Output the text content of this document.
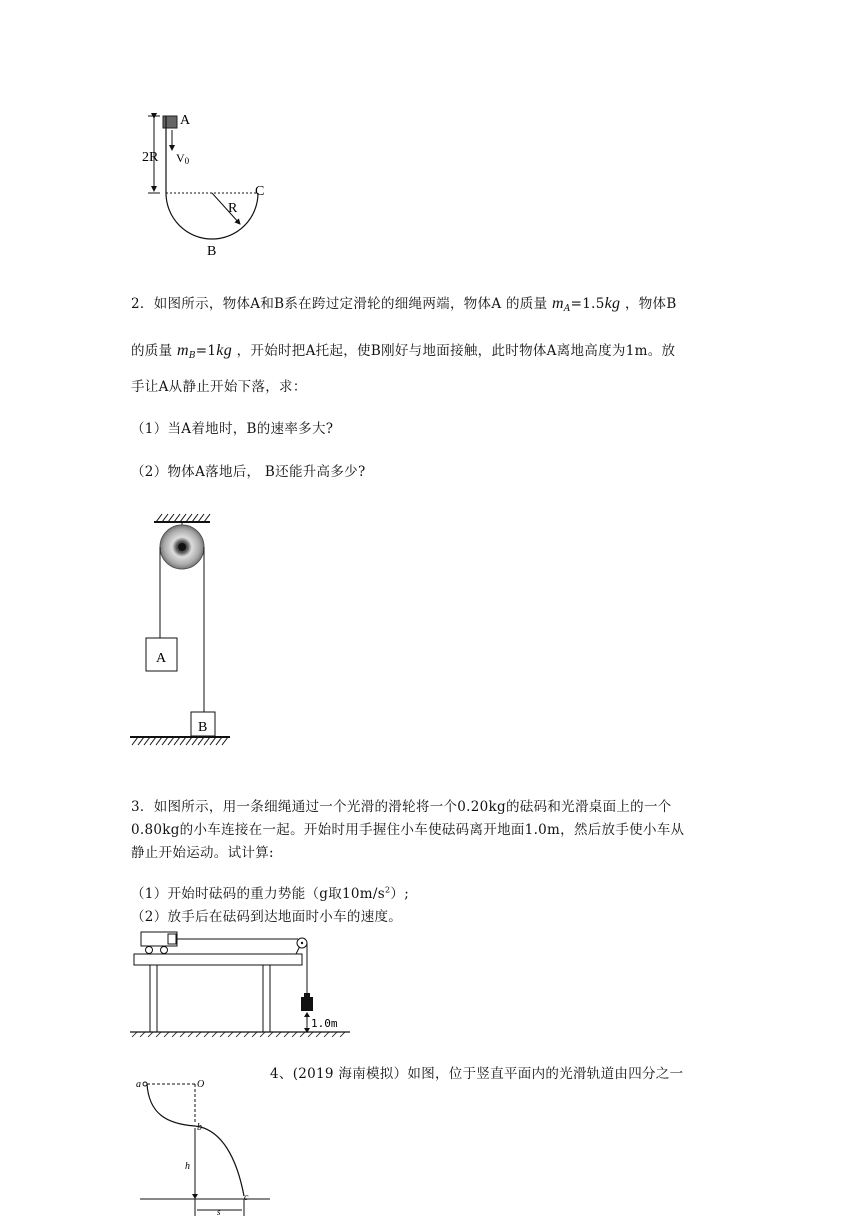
A
2R V0
R
C
B
2．如图所示，物体A和B系在跨过定滑轮的细绳两端，物体A 的质量 $m_A=1.5kg$ ，物体B
的质量 $m_B=1kg$ ，开始时把A托起，使B刚好与地面接触，此时物体A离地高度为1m。放
手让A从静止开始下落，求：
（1）当A着地时，B的速率多大?
（2）物体A落地后， B还能升高多少?
A
B
3．如图所示，用一条细绳通过一个光滑的滑轮将一个0.20kg的砝码和光滑桌面上的一个
0.80kg的小车连接在一起。开始时用手握住小车使砝码离开地面1.0m，然后放手使小车从
静止开始运动。试计算:
（1）开始时砝码的重力势能（g取$10m/s^2$）;
（2）放手后在砝码到达地面时小车的速度。
1.0m
4、(2019 海南模拟）如图，位于竖直平面内的光滑轨道由四分之一
a	O
b
c
h
s
